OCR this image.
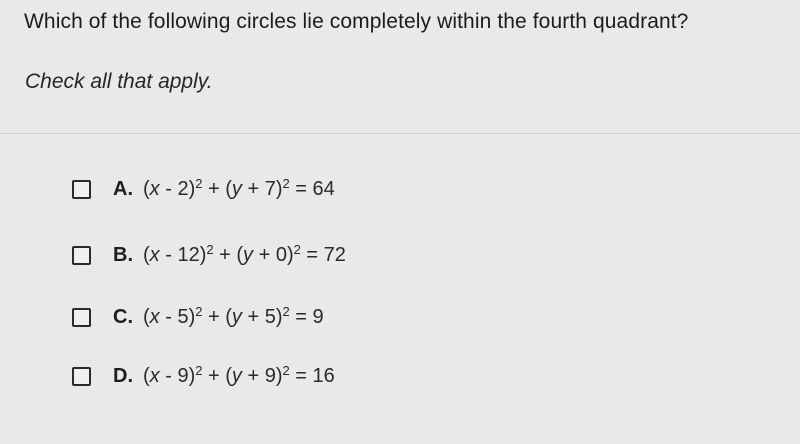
Which of the following circles lie completely within the fourth quadrant?
Check all that apply.
A. $(x - 2)^2 + (y + 7)^2 = 64$
B. $(x - 12)^2 + (y + 0)^2 = 72$
C. $(x - 5)^2 + (y + 5)^2 = 9$
D. $(x - 9)^2 + (y + 9)^2 = 16$
